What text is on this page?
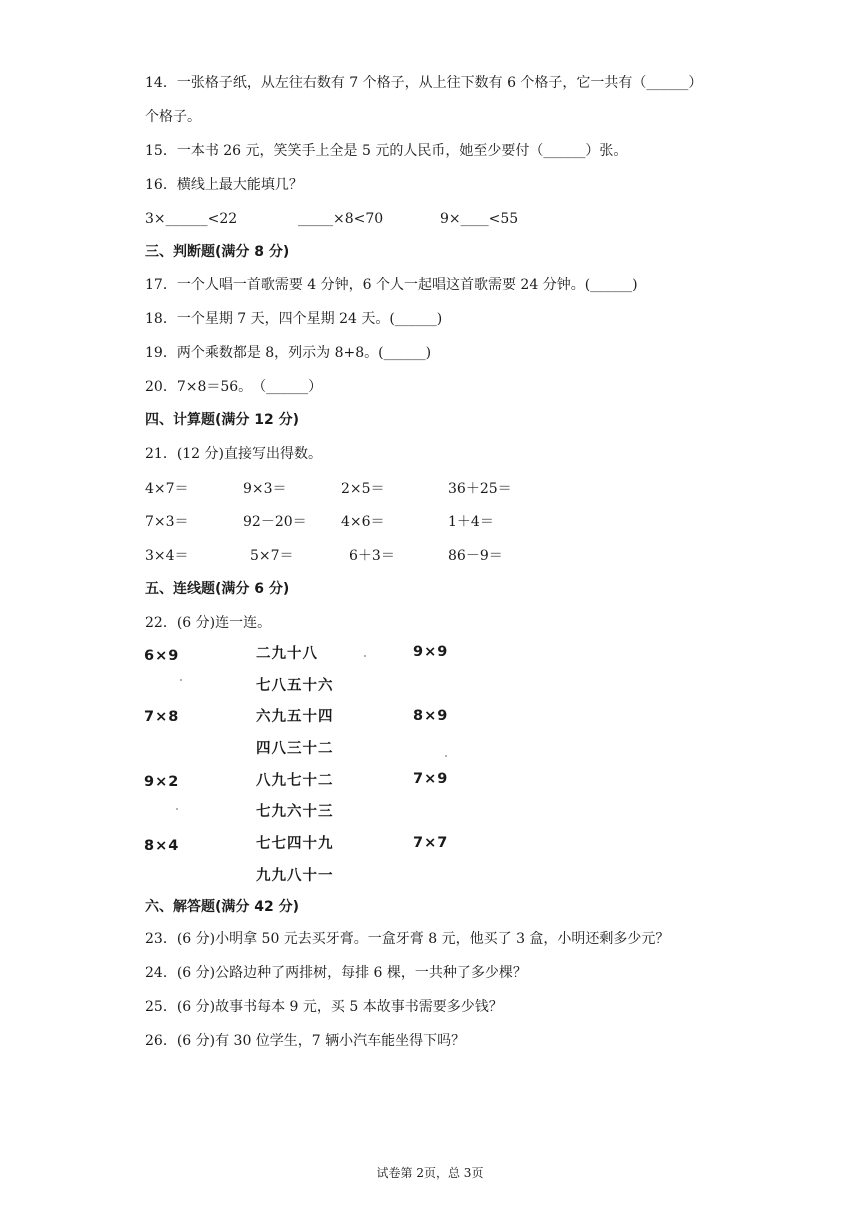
14．一张格子纸，从左往右数有 7 个格子，从上往下数有 6 个格子，它一共有（______）
个格子。
15．一本书 26 元，笑笑手上全是 5 元的人民币，她至少要付（______）张。
16．横线上最大能填几？
3×______<22	_____×8<70	9×____<55
三、判断题(满分 8 分)
17．一个人唱一首歌需要 4 分钟，6 个人一起唱这首歌需要 24 分钟。(______)
18．一个星期 7 天，四个星期 24 天。(______)
19．两个乘数都是 8，列示为 8+8。(______)
20．7×8＝56。　（______）
四、计算题(满分 12 分)
21．(12 分)直接写出得数。
4×7＝	9×3＝	2×5＝	36＋25＝
7×3＝	92－20＝ 4×6＝	1＋4＝
3×4＝	5×7＝	6＋3＝	86－9＝
五、连线题(满分 6 分)
22．(6 分)连一连。
6×9
7×8
9×2
8×4
二九十八
七八五十六
六九五十四
四八三十二
八九七十二
七九六十三
七七四十九
九九八十一
9×9
8×9
7×9
7×7
六、解答题(满分 42 分)
23．(6 分)小明拿 50 元去买牙膏。一盒牙膏 8 元，他买了 3 盒，小明还剩多少元？
24．(6 分)公路边种了两排树，每排 6 棵，一共种了多少棵？
25．(6 分)故事书每本 9 元，买 5 本故事书需要多少钱？
26．(6 分)有 30 位学生，7 辆小汽车能坐得下吗？
试卷第 2页，总 3页
